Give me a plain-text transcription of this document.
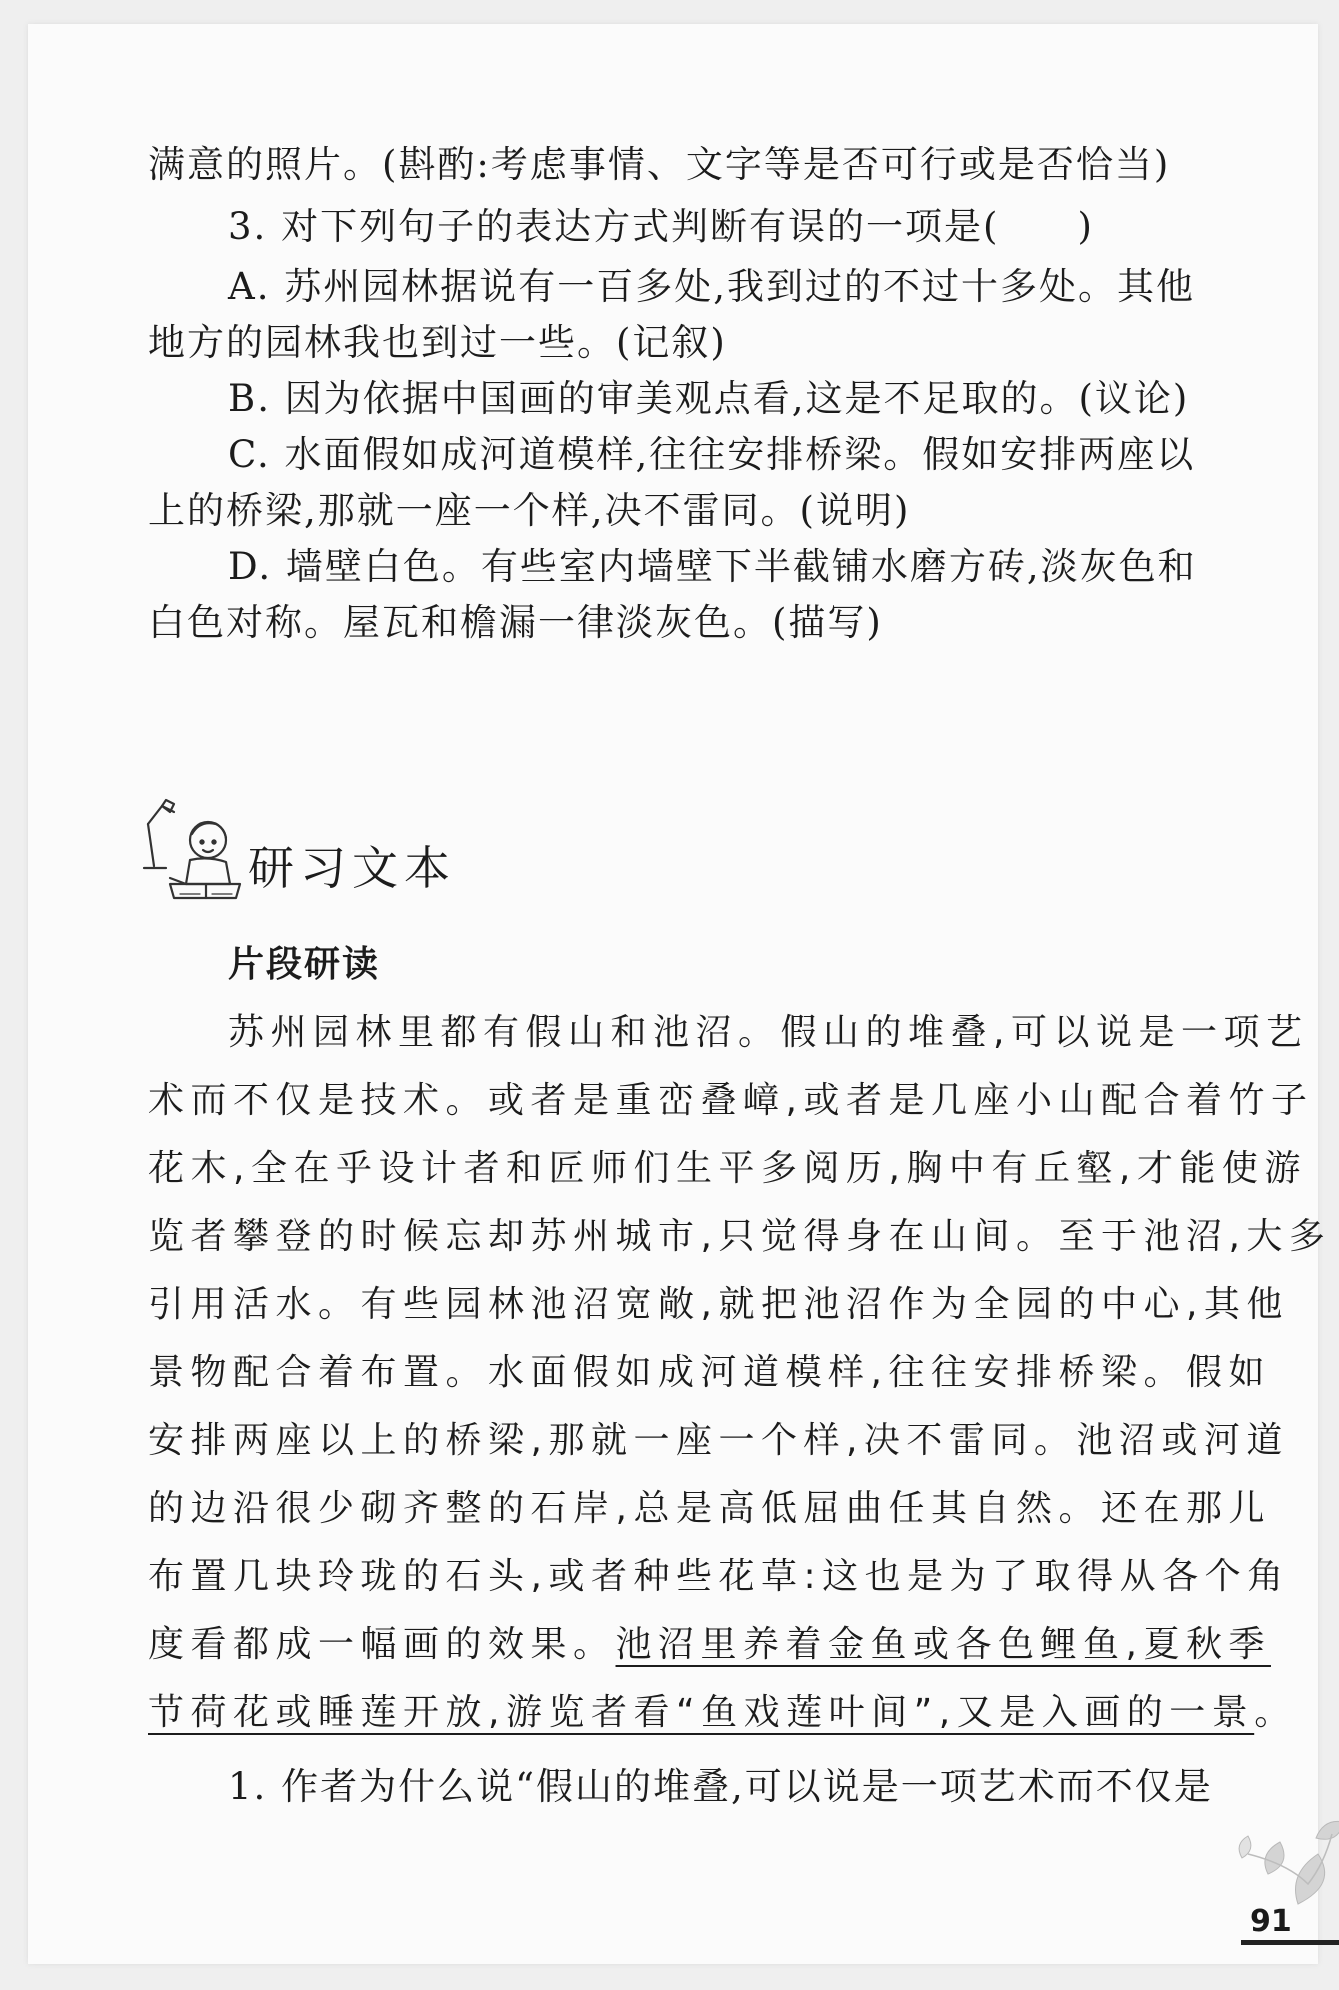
满意的照片。(斟酌:考虑事情、文字等是否可行或是否恰当)
3. 对下列句子的表达方式判断有误的一项是(　　)
A. 苏州园林据说有一百多处,我到过的不过十多处。其他
地方的园林我也到过一些。(记叙)
B. 因为依据中国画的审美观点看,这是不足取的。(议论)
C. 水面假如成河道模样,往往安排桥梁。假如安排两座以
上的桥梁,那就一座一个样,决不雷同。(说明)
D. 墙壁白色。有些室内墙壁下半截铺水磨方砖,淡灰色和
白色对称。屋瓦和檐漏一律淡灰色。(描写)
研习文本
片段研读
苏州园林里都有假山和池沼。假山的堆叠,可以说是一项艺
术而不仅是技术。或者是重峦叠嶂,或者是几座小山配合着竹子
花木,全在乎设计者和匠师们生平多阅历,胸中有丘壑,才能使游
览者攀登的时候忘却苏州城市,只觉得身在山间。至于池沼,大多
引用活水。有些园林池沼宽敞,就把池沼作为全园的中心,其他
景物配合着布置。水面假如成河道模样,往往安排桥梁。假如
安排两座以上的桥梁,那就一座一个样,决不雷同。池沼或河道
的边沿很少砌齐整的石岸,总是高低屈曲任其自然。还在那儿
布置几块玲珑的石头,或者种些花草:这也是为了取得从各个角
度看都成一幅画的效果。池沼里养着金鱼或各色鲤鱼,夏秋季
节荷花或睡莲开放,游览者看“鱼戏莲叶间”,又是入画的一景。
1. 作者为什么说“假山的堆叠,可以说是一项艺术而不仅是
91
